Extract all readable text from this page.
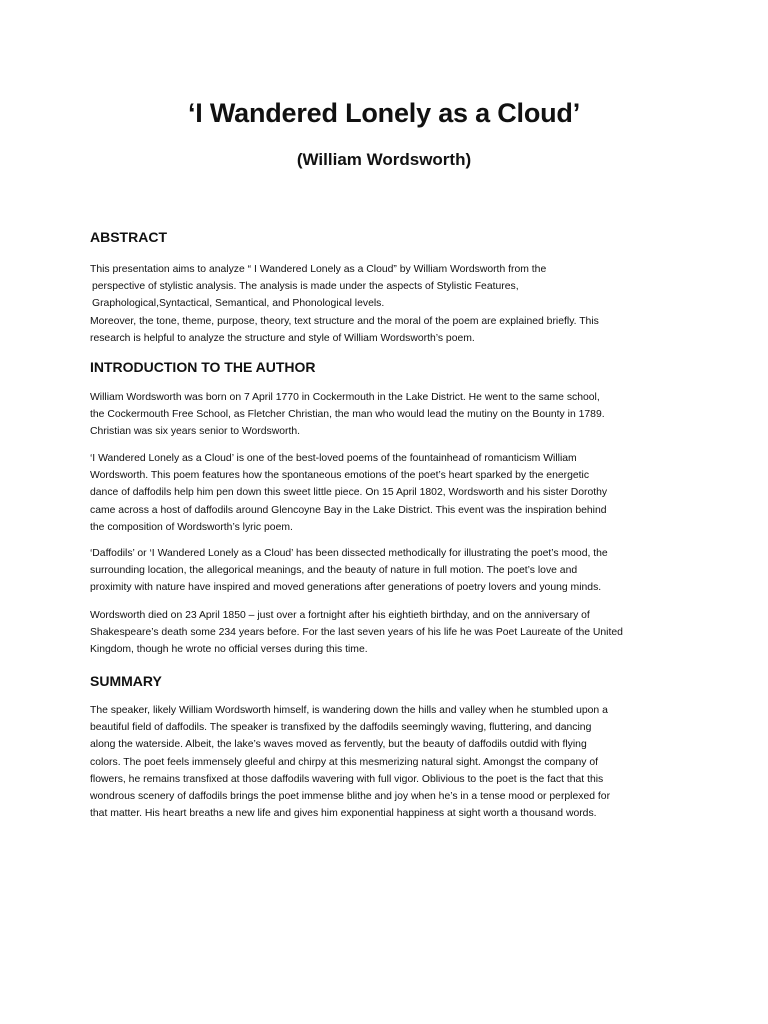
‘I Wandered Lonely as a Cloud’
(William Wordsworth)
ABSTRACT
This presentation aims to analyze “ I Wandered Lonely as a Cloud” by William Wordsworth from the
perspective of stylistic analysis. The analysis is made under the aspects of Stylistic Features,
Graphological,Syntactical, Semantical, and Phonological levels.
Moreover, the tone, theme, purpose, theory, text structure and the moral of the poem are explained briefly. This
research is helpful to analyze the structure and style of William Wordsworth’s poem.
INTRODUCTION TO THE AUTHOR
William Wordsworth was born on 7 April 1770 in Cockermouth in the Lake District. He went to the same school,
the Cockermouth Free School, as Fletcher Christian, the man who would lead the mutiny on the Bounty in 1789.
Christian was six years senior to Wordsworth.
‘I Wandered Lonely as a Cloud’ is one of the best-loved poems of the fountainhead of romanticism William
Wordsworth. This poem features how the spontaneous emotions of the poet’s heart sparked by the energetic
dance of daffodils help him pen down this sweet little piece. On 15 April 1802, Wordsworth and his sister Dorothy
came across a host of daffodils around Glencoyne Bay in the Lake District. This event was the inspiration behind
the composition of Wordsworth’s lyric poem.
‘Daffodils’ or ‘I Wandered Lonely as a Cloud’ has been dissected methodically for illustrating the poet’s mood, the
surrounding location, the allegorical meanings, and the beauty of nature in full motion. The poet’s love and
proximity with nature have inspired and moved generations after generations of poetry lovers and young minds.
Wordsworth died on 23 April 1850 – just over a fortnight after his eightieth birthday, and on the anniversary of
Shakespeare’s death some 234 years before. For the last seven years of his life he was Poet Laureate of the United
Kingdom, though he wrote no official verses during this time.
SUMMARY
The speaker, likely William Wordsworth himself, is wandering down the hills and valley when he stumbled upon a
beautiful field of daffodils. The speaker is transfixed by the daffodils seemingly waving, fluttering, and dancing
along the waterside. Albeit, the lake’s waves moved as fervently, but the beauty of daffodils outdid with flying
colors. The poet feels immensely gleeful and chirpy at this mesmerizing natural sight. Amongst the company of
flowers, he remains transfixed at those daffodils wavering with full vigor. Oblivious to the poet is the fact that this
wondrous scenery of daffodils brings the poet immense blithe and joy when he’s in a tense mood or perplexed for
that matter. His heart breaths a new life and gives him exponential happiness at sight worth a thousand words.
